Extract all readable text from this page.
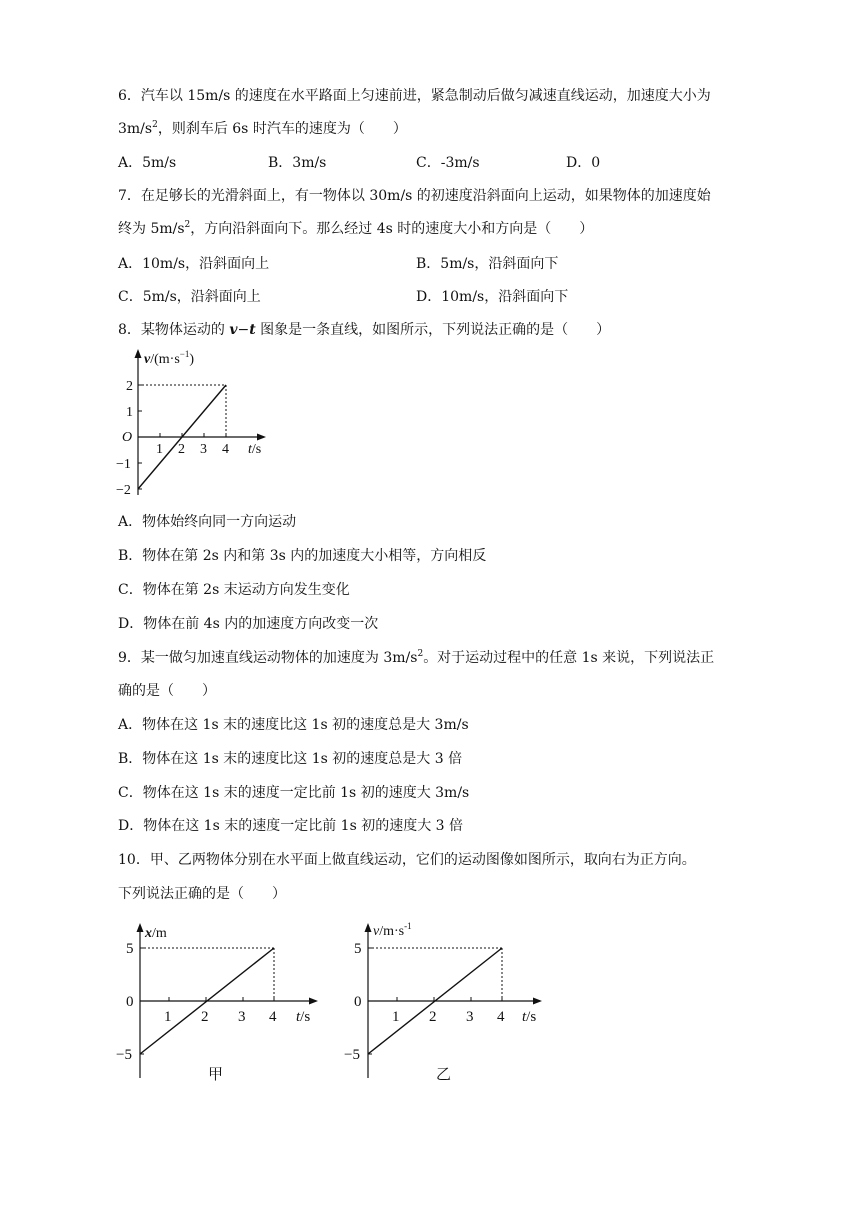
6．汽车以 15m/s 的速度在水平路面上匀速前进，紧急制动后做匀减速直线运动，加速度大小为
$3m/s^2$，则刹车后 6s 时汽车的速度为（　　）
A．5m/s	B．3m/s	C．-3m/s	D．0
7．在足够长的光滑斜面上，有一物体以 30m/s 的初速度沿斜面向上运动，如果物体的加速度始
终为 $5m/s^2$，方向沿斜面向下。那么经过 4s 时的速度大小和方向是（　　）
A．10m/s，沿斜面向上	B．5m/s，沿斜面向下
C．5m/s，沿斜面向上	D．10m/s，沿斜面向下
8．某物体运动的 v−t 图象是一条直线，如图所示，下列说法正确的是（　　）
$v/(m\cdot s^{-1})$
O
1 2 3 4 t/s
2
1
−1
−2
A．物体始终向同一方向运动
B．物体在第 2s 内和第 3s 内的加速度大小相等，方向相反
C．物体在第 2s 末运动方向发生变化
D．物体在前 4s 内的加速度方向改变一次
9．某一做匀加速直线运动物体的加速度为 $3m/s^2$。对于运动过程中的任意 1s 来说，下列说法正
确的是（　　）
A．物体在这 1s 末的速度比这 1s 初的速度总是大 3m/s
B．物体在这 1s 末的速度比这 1s 初的速度总是大 3 倍
C．物体在这 1s 末的速度一定比前 1s 初的速度大 3m/s
D．物体在这 1s 末的速度一定比前 1s 初的速度大 3 倍
10．甲、乙两物体分别在水平面上做直线运动，它们的运动图像如图所示，取向右为正方向。
下列说法正确的是（　　）
x/m
5
0
−5
1 2 3 4 t/s
甲
$v/m\cdot s^{-1}$
5
0
−5
1 2 3 4 t/s
乙
